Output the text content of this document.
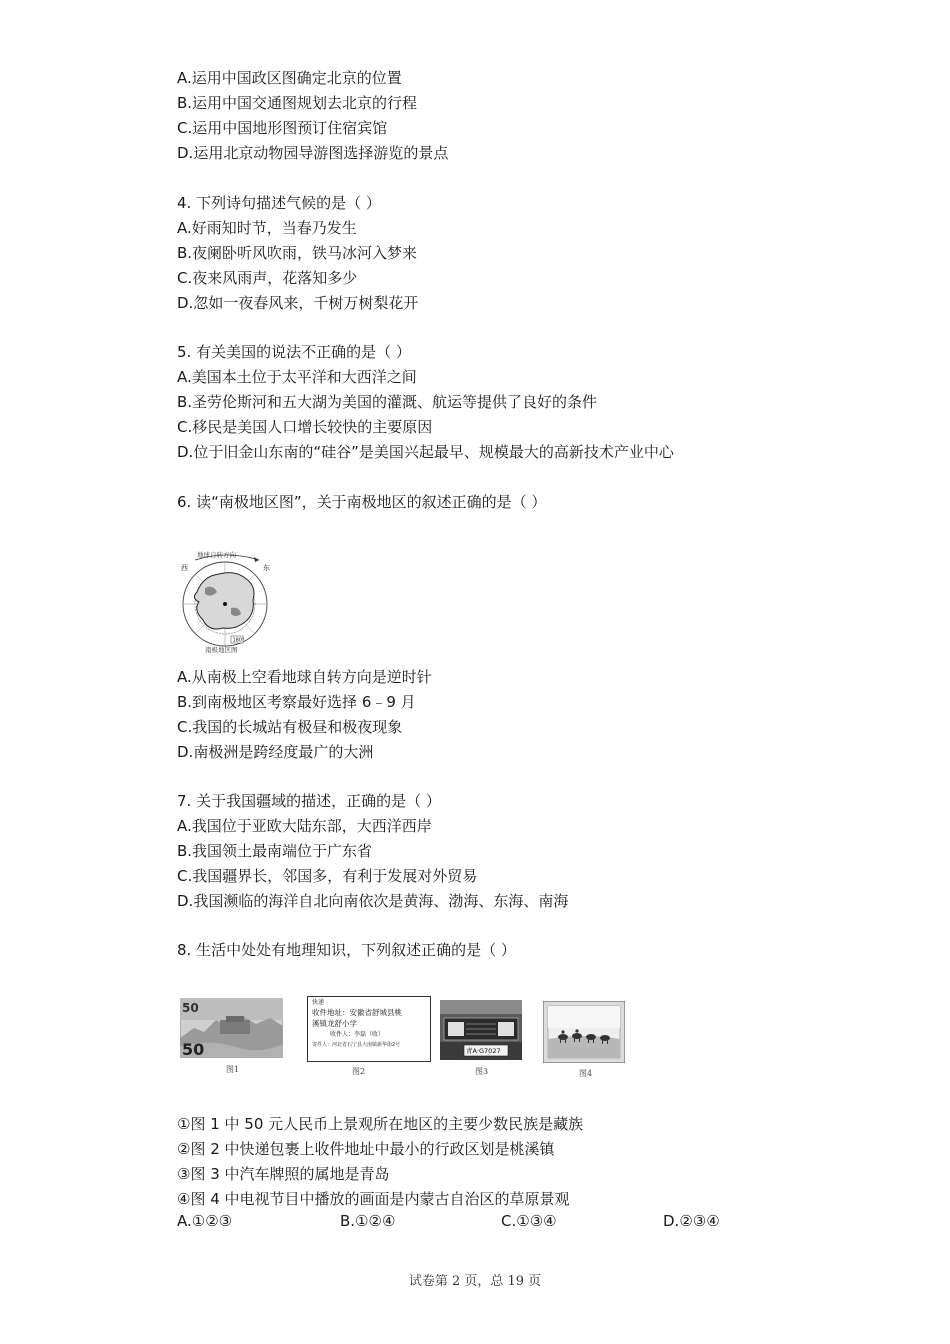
A.运用中国政区图确定北京的位置
B.运用中国交通图规划去北京的行程
C.运用中国地形图预订住宿宾馆
D.运用北京动物园导游图选择游览的景点
4. 下列诗句描述气候的是（ ）
A.好雨知时节，当春乃发生
B.夜阑卧听风吹雨，铁马冰河入梦来
C.夜来风雨声，花落知多少
D.忽如一夜春风来，千树万树梨花开
5. 有关美国的说法不正确的是（ ）
A.美国本土位于太平洋和大西洋之间
B.圣劳伦斯河和五大湖为美国的灌溉、航运等提供了良好的条件
C.移民是美国人口增长较快的主要原因
D.位于旧金山东南的“硅谷”是美国兴起最早、规模最大的高新技术产业中心
6. 读“南极地区图”，关于南极地区的叙述正确的是（ ）
地球自转方向
西	东
180°
南极地区图
A.从南极上空看地球自转方向是逆时针
B.到南极地区考察最好选择 6﹣9 月
C.我国的长城站有极昼和极夜现象
D.南极洲是跨经度最广的大洲
7. 关于我国疆域的描述，正确的是（ ）
A.我国位于亚欧大陆东部，大西洋西岸
B.我国领土最南端位于广东省
C.我国疆界长，邻国多，有利于发展对外贸易
D.我国濒临的海洋自北向南依次是黄海、渤海、东海、南海
8. 生活中处处有地理知识，下列叙述正确的是（ ）
50
50
图1
快递
收件地址：安徽省舒城县桃
溪镇龙舒小学
收件人：李磊（收）
寄件人：河北省石宁县大南镇新华街2号
图2
青A·G7027
图3	图4
①图 1 中 50 元人民币上景观所在地区的主要少数民族是藏族
②图 2 中快递包裹上收件地址中最小的行政区划是桃溪镇
③图 3 中汽车牌照的属地是青岛
④图 4 中电视节目中播放的画面是内蒙古自治区的草原景观
A.①②③	B.①②④	C.①③④	D.②③④
试卷第 2 页，总 19 页
